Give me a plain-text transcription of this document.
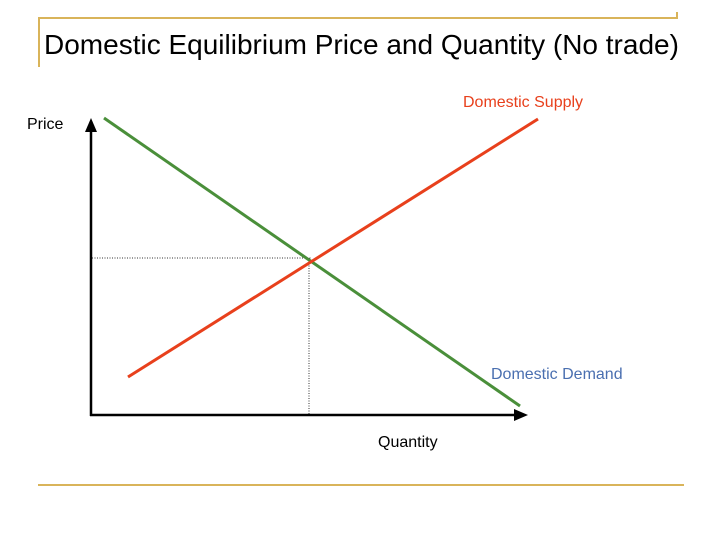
Domestic Equilibrium Price and Quantity (No trade)
Price
Quantity
Domestic Supply
Domestic Demand
